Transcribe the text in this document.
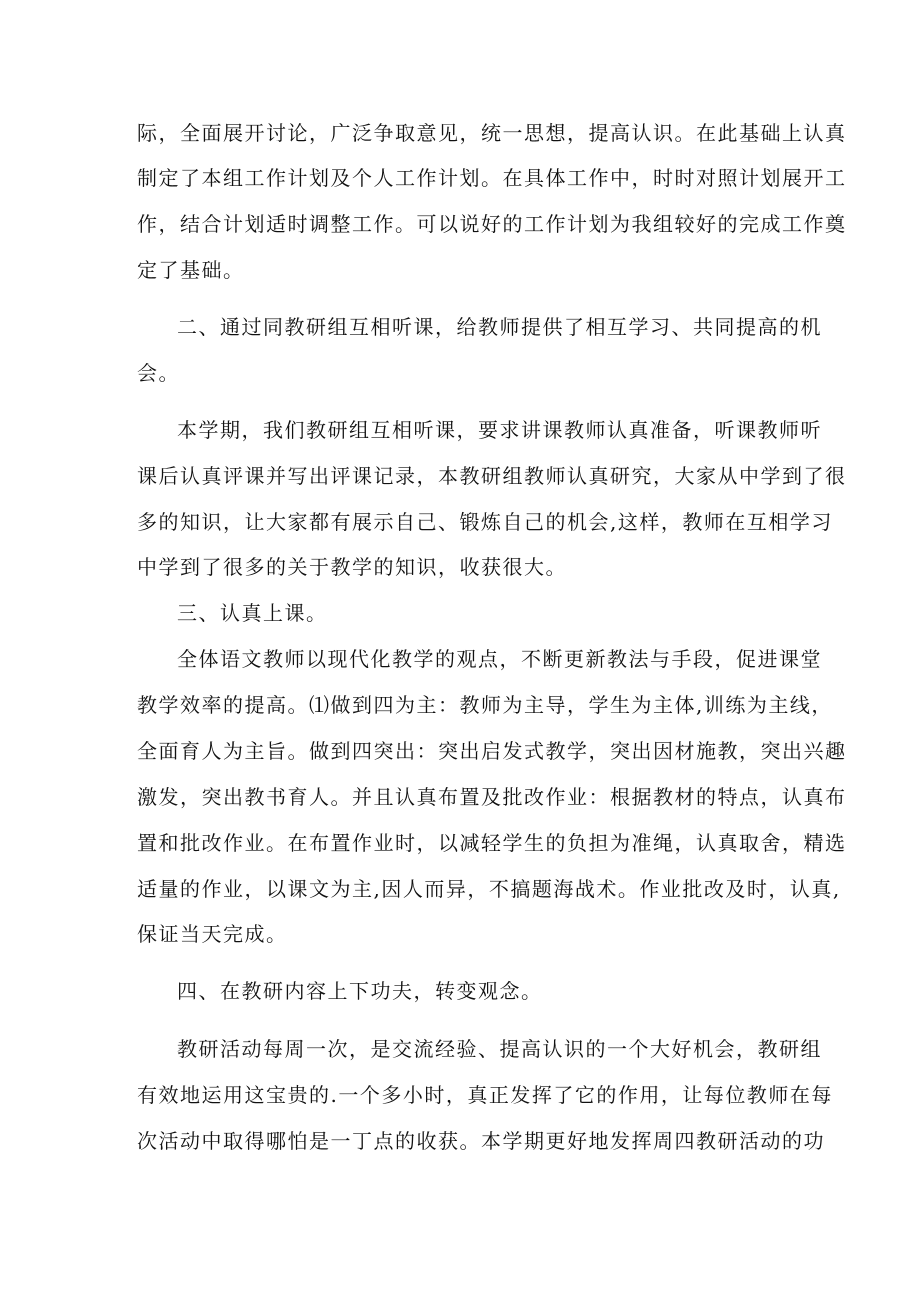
际，全面展开讨论，广泛争取意见，统一思想，提高认识。在此基础上认真
制定了本组工作计划及个人工作计划。在具体工作中，时时对照计划展开工
作，结合计划适时调整工作。可以说好的工作计划为我组较好的完成工作奠
定了基础。
二、通过同教研组互相听课，给教师提供了相互学习、共同提高的机
会。
本学期，我们教研组互相听课，要求讲课教师认真准备，听课教师听
课后认真评课并写出评课记录，本教研组教师认真研究，大家从中学到了很
多的知识，让大家都有展示自己、锻炼自己的机会,这样，教师在互相学习
中学到了很多的关于教学的知识，收获很大。
三、认真上课。
全体语文教师以现代化教学的观点，不断更新教法与手段，促进课堂
教学效率的提高。⑴做到四为主：教师为主导，学生为主体,训练为主线，
全面育人为主旨。做到四突出：突出启发式教学，突出因材施教，突出兴趣
激发，突出教书育人。并且认真布置及批改作业：根据教材的特点，认真布
置和批改作业。在布置作业时，以减轻学生的负担为准绳，认真取舍，精选
适量的作业，以课文为主,因人而异，不搞题海战术。作业批改及时，认真,
保证当天完成。
四、在教研内容上下功夫，转变观念。
教研活动每周一次，是交流经验、提高认识的一个大好机会，教研组
有效地运用这宝贵的.一个多小时，真正发挥了它的作用，让每位教师在每
次活动中取得哪怕是一丁点的收获。本学期更好地发挥周四教研活动的功
